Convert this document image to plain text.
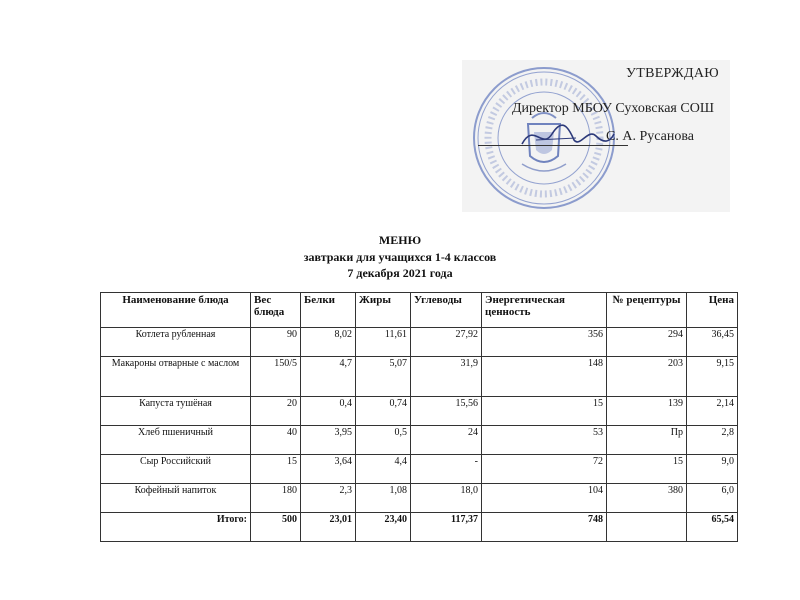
УТВЕРЖДАЮ
Директор МБОУ Суховская СОШ
С. А. Русанова
МЕНЮ
завтраки для учащихся 1-4 классов
7 декабря 2021 года
Наименование блюда	Вес блюда	Белки	Жиры	Углеводы	Энергетическая ценность	№ рецептуры	Цена
Котлета рубленная	90	8,02	11,61	27,92	356	294	36,45
Макароны отварные с маслом	150/5	4,7	5,07	31,9	148	203	9,15
Капуста тушёная	20	0,4	0,74	15,56	15	139	2,14
Хлеб пшеничный	40	3,95	0,5	24	53	Пр	2,8
Сыр Российский	15	3,64	4,4	-	72	15	9,0
Кофейный напиток	180	2,3	1,08	18,0	104	380	6,0
Итого:	500	23,01	23,40	117,37	748		65,54
